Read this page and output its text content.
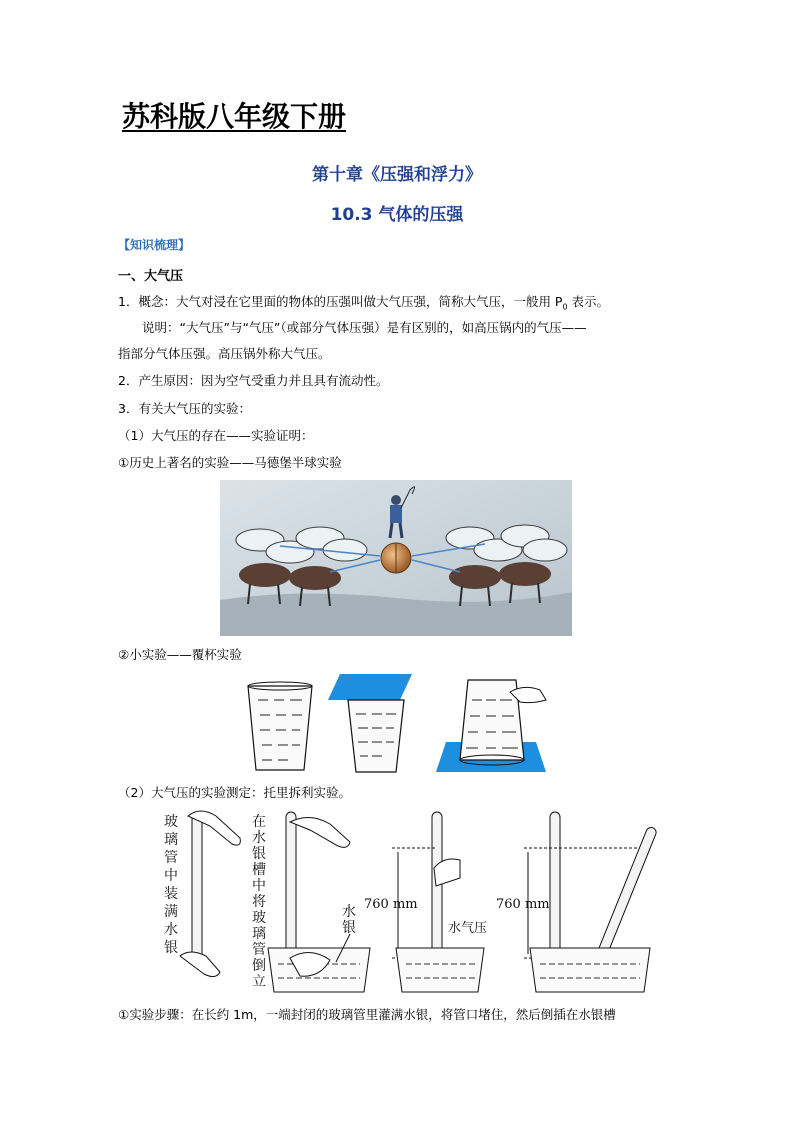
苏科版八年级下册
第十章《压强和浮力》
10.3 气体的压强
【知识梳理】
一、大气压
1．概念：大气对浸在它里面的物体的压强叫做大气压强，简称大气压，一般用 $P_0$ 表示。
说明：“大气压”与“气压”（或部分气体压强）是有区别的，如高压锅内的气压——
指部分气体压强。高压锅外称大气压。
2．产生原因：因为空气受重力并且具有流动性。
3．有关大气压的实验：
（1）大气压的存在——实验证明：
①历史上著名的实验——马德堡半球实验
②小实验——覆杯实验
（2）大气压的实验测定：托里拆利实验。
玻
璃
管
中
装
满
水
银
在
水
银
槽
中
将
玻
璃
管
倒
立
水
银
760 mm
水气压
760 mm
①实验步骤：在长约 1m，一端封闭的玻璃管里灌满水银，将管口堵住，然后倒插在水银槽
